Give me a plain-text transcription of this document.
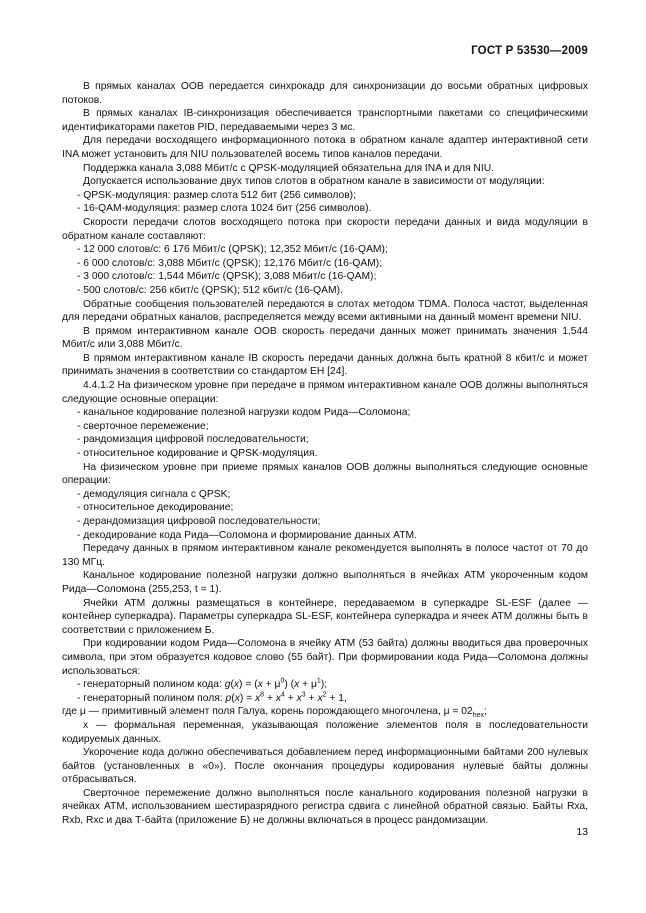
ГОСТ Р 53530—2009

В прямых каналах ООВ передается синхрокадр для синхронизации до восьми обратных цифровых потоков.

В прямых каналах IB-синхронизация обеспечивается транспортными пакетами со специфическими идентификаторами пакетов PID, передаваемыми через 3 мс.

Для передачи восходящего информационного потока в обратном канале адаптер интерактивной сети INA может установить для NIU пользователей восемь типов каналов передачи.

Поддержка канала 3,088 Мбит/с с QPSK-модуляцией обязательна для INA и для NIU.

Допускается использование двух типов слотов в обратном канале в зависимости от модуляции:

- QPSK-модуляция: размер слота 512 бит (256 символов);

- 16-QAM-модуляция: размер слота 1024 бит (256 символов).

Скорости передачи слотов восходящего потока при скорости передачи данных и вида модуляции в обратном канале составляют:

- 12 000 слотов/с: 6 176 Мбит/с (QPSK); 12,352 Мбит/с (16-QAM);

- 6 000 слотов/с: 3,088 Мбит/с (QPSK); 12,176 Мбит/с (16-QAM);

- 3 000 слотов/с: 1,544 Мбит/с (QPSK); 3,088 Мбит/с (16-QAM);

- 500 слотов/с: 256 кбит/с (QPSK); 512 кбит/с (16-QAM).

Обратные сообщения пользователей передаются в слотах методом TDMA. Полоса частот, выделенная для передачи обратных каналов, распределяется между всеми активными на данный момент времени NIU.

В прямом интерактивном канале ООВ скорость передачи данных может принимать значения 1,544 Мбит/с или 3,088 Мбит/с.

В прямом интерактивном канале IB скорость передачи данных должна быть кратной 8 кбит/с и может принимать значения в соответствии со стандартом ЕН [24].

4.4.1.2 На физическом уровне при передаче в прямом интерактивном канале ООВ должны выполняться следующие основные операции:

- канальное кодирование полезной нагрузки кодом Рида—Соломона;

- сверточное перемежение;

- рандомизация цифровой последовательности;

- относительное кодирование и QPSK-модуляция.

На физическом уровне при приеме прямых каналов ООВ должны выполняться следующие основные операции:

- демодуляция сигнала с QPSK;

- относительное декодирование;

- дерандомизация цифровой последовательности;

- декодирование кода Рида—Соломона и формирование данных АТМ.

Передачу данных в прямом интерактивном канале рекомендуется выполнять в полосе частот от 70 до 130 МГц.

Канальное кодирование полезной нагрузки должно выполняться в ячейках АТМ укороченным кодом Рида—Соломона (255,253, t = 1).

Ячейки АТМ должны размещаться в контейнере, передаваемом в суперкадре SL-ESF (далее — контейнер суперкадра). Параметры суперкадра SL-ESF, контейнера суперкадра и ячеек АТМ должны быть в соответствии с приложением Б.

При кодировании кодом Рида—Соломона в ячейку АТМ (53 байта) должны вводиться два проверочных символа, при этом образуется кодовое слово (55 байт). При формировании кода Рида—Соломона должны использоваться:

- генераторный полином кода: $g(x) = (x + \mu^0)$ $(x + \mu^1)$;

- генераторный полином поля: $p(x) = x^8 + x^4 + x^3 + x^2 + 1$,

где μ — примитивный элемент поля Галуа, корень порождающего многочлена, $\mu = 02_{hex}$;

x — формальная переменная, указывающая положение элементов поля в последовательности кодируемых данных.

Укорочение кода должно обеспечиваться добавлением перед информационными байтами 200 нулевых байтов (установленных в «0»). После окончания процедуры кодирования нулевые байты должны отбрасываться.

Сверточное перемежение должно выполняться после канального кодирования полезной нагрузки в ячейках АТМ, использованием шестиразрядного регистра сдвига с линейной обратной связью. Байты Rха, Rхb, Rхс и два Т-байта (приложение Б) не должны включаться в процесс рандомизации.

13
